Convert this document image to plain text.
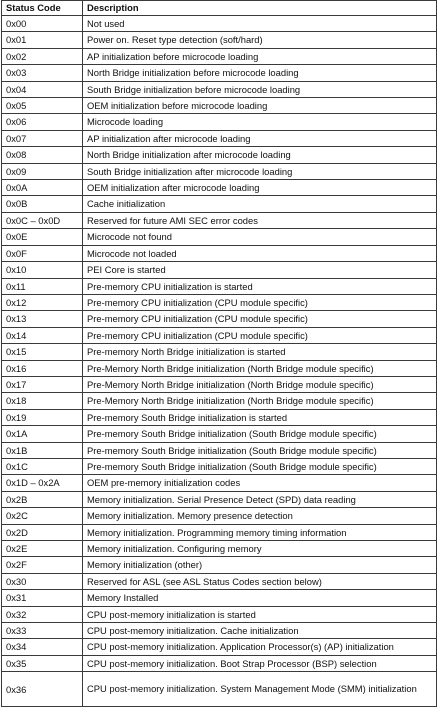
Status Code	Description
0x00	Not used
0x01	Power on. Reset type detection (soft/hard)
0x02	AP initialization before microcode loading
0x03	North Bridge initialization before microcode loading
0x04	South Bridge initialization before microcode loading
0x05	OEM initialization before microcode loading
0x06	Microcode loading
0x07	AP initialization after microcode loading
0x08	North Bridge initialization after microcode loading
0x09	South Bridge initialization after microcode loading
0x0A	OEM initialization after microcode loading
0x0B	Cache initialization
0x0C – 0x0D	Reserved for future AMI SEC error codes
0x0E	Microcode not found
0x0F	Microcode not loaded
0x10	PEI Core is started
0x11	Pre-memory CPU initialization is started
0x12	Pre-memory CPU initialization (CPU module specific)
0x13	Pre-memory CPU initialization (CPU module specific)
0x14	Pre-memory CPU initialization (CPU module specific)
0x15	Pre-memory North Bridge initialization is started
0x16	Pre-Memory North Bridge initialization (North Bridge module specific)
0x17	Pre-Memory North Bridge initialization (North Bridge module specific)
0x18	Pre-Memory North Bridge initialization (North Bridge module specific)
0x19	Pre-memory South Bridge initialization is started
0x1A	Pre-memory South Bridge initialization (South Bridge module specific)
0x1B	Pre-memory South Bridge initialization (South Bridge module specific)
0x1C	Pre-memory South Bridge initialization (South Bridge module specific)
0x1D – 0x2A	OEM pre-memory initialization codes
0x2B	Memory initialization. Serial Presence Detect (SPD) data reading
0x2C	Memory initialization. Memory presence detection
0x2D	Memory initialization. Programming memory timing information
0x2E	Memory initialization. Configuring memory
0x2F	Memory initialization (other)
0x30	Reserved for ASL (see ASL Status Codes section below)
0x31	Memory Installed
0x32	CPU post-memory initialization is started
0x33	CPU post-memory initialization. Cache initialization
0x34	CPU post-memory initialization. Application Processor(s) (AP) initialization
0x35	CPU post-memory initialization. Boot Strap Processor (BSP) selection
0x36	CPU post-memory initialization. System Management Mode (SMM) initialization
